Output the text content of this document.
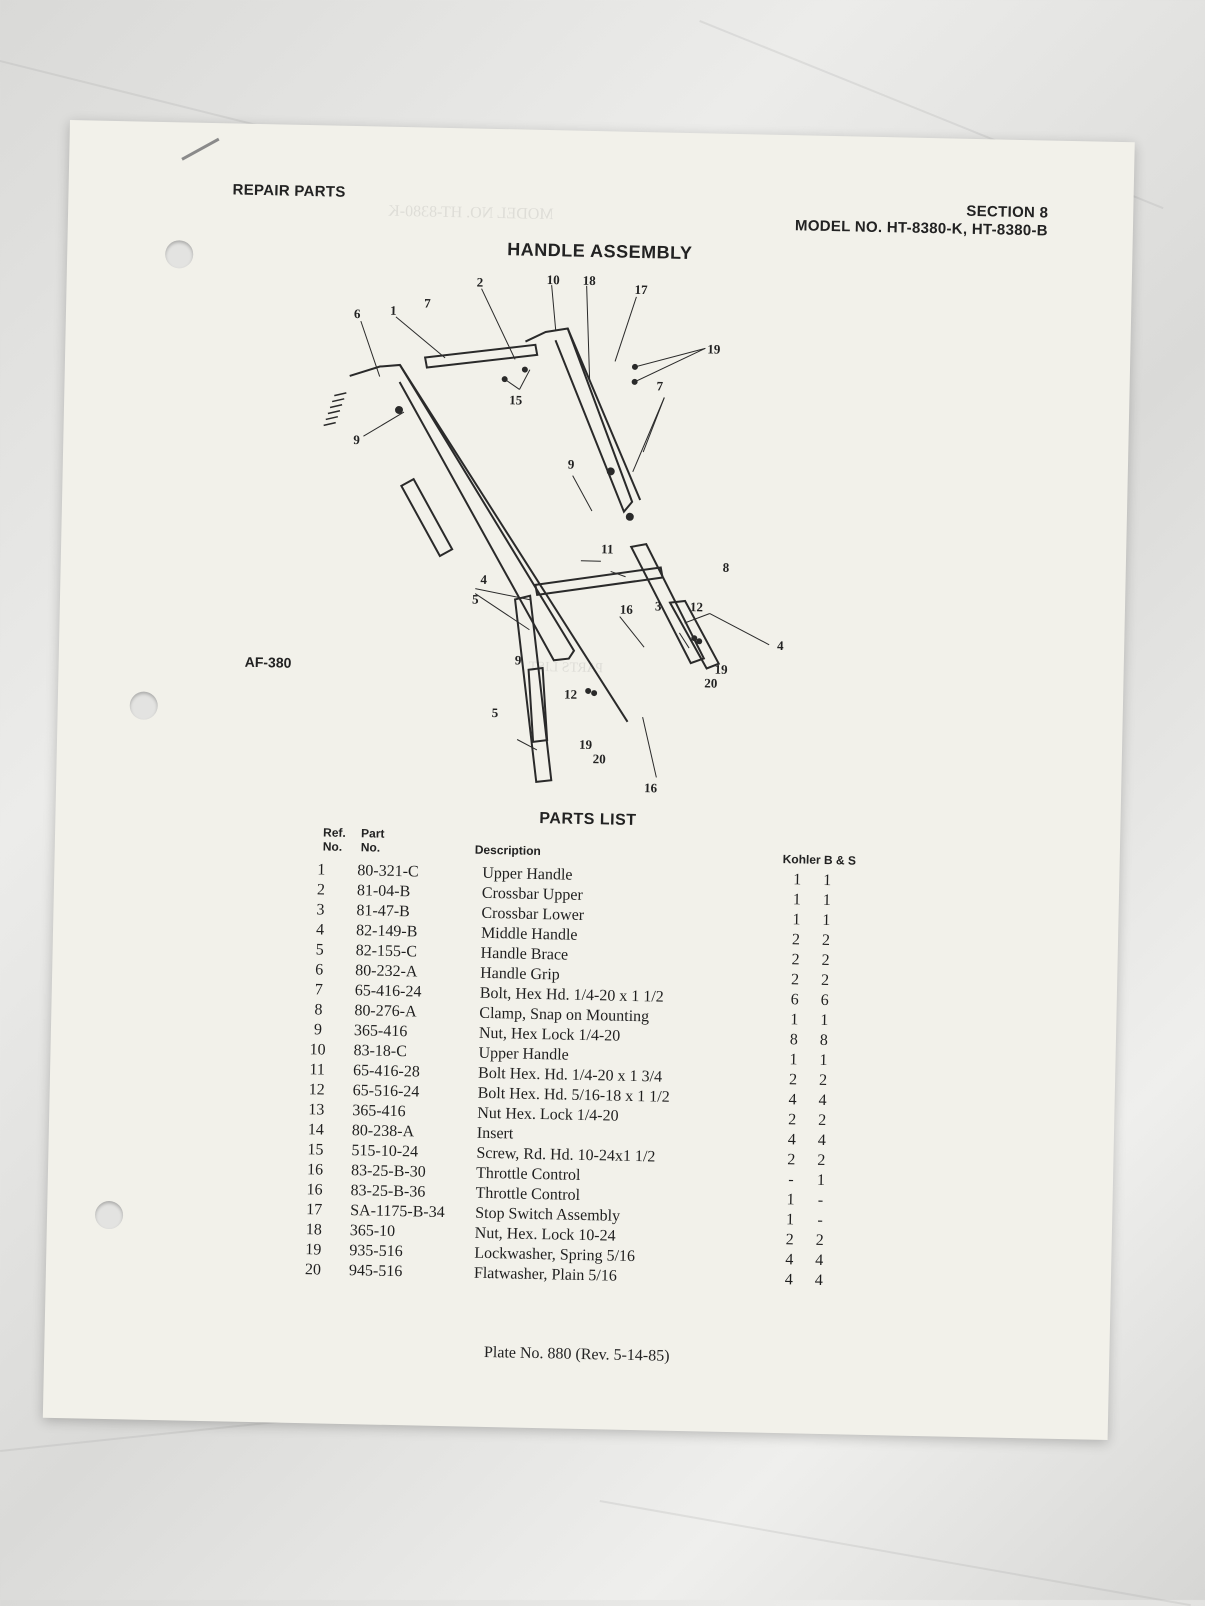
MODEL NO. HT-8380-K
PARTS LIST
REPAIR PARTS
SECTION 8
MODEL NO. HT-8380-K, HT-8380-B
HANDLE ASSEMBLY
6 1 7
2	10 18
17
19
7
15
9
9
11
8
4
5
16 3 12
4
9
19
20
12
5
19
20
16
AF-380
PARTS LIST
Ref.
No.
Part
No.	Description
Kohler B & S
1	80-321-C	Upper Handle	1	1
2	81-04-B	Crossbar Upper	1	1
3	81-47-B	Crossbar Lower	1	1
4	82-149-B	Middle Handle	2	2
5	82-155-C	Handle Brace	2	2
6	80-232-A	Handle Grip	2	2
7	65-416-24	Bolt, Hex Hd. 1/4-20 x 1 1/2	6	6
8	80-276-A	Clamp, Snap on Mounting	1	1
9	365-416	Nut, Hex Lock 1/4-20	8	8
10	83-18-C	Upper Handle	1	1
11	65-416-28	Bolt Hex. Hd. 1/4-20 x 1 3/4	2	2
12	65-516-24	Bolt Hex. Hd. 5/16-18 x 1 1/2	4	4
13	365-416	Nut Hex. Lock 1/4-20	2	2
14	80-238-A	Insert	4	4
15	515-10-24	Screw, Rd. Hd. 10-24x1 1/2	2	2
16	83-25-B-30	Throttle Control	-	1
16	83-25-B-36	Throttle Control	1	-
17	SA-1175-B-34	Stop Switch Assembly	1	-
18	365-10	Nut, Hex. Lock 10-24	2	2
19	935-516	Lockwasher, Spring 5/16	4	4
20	945-516	Flatwasher, Plain 5/16	4	4
Plate No. 880 (Rev. 5-14-85)
